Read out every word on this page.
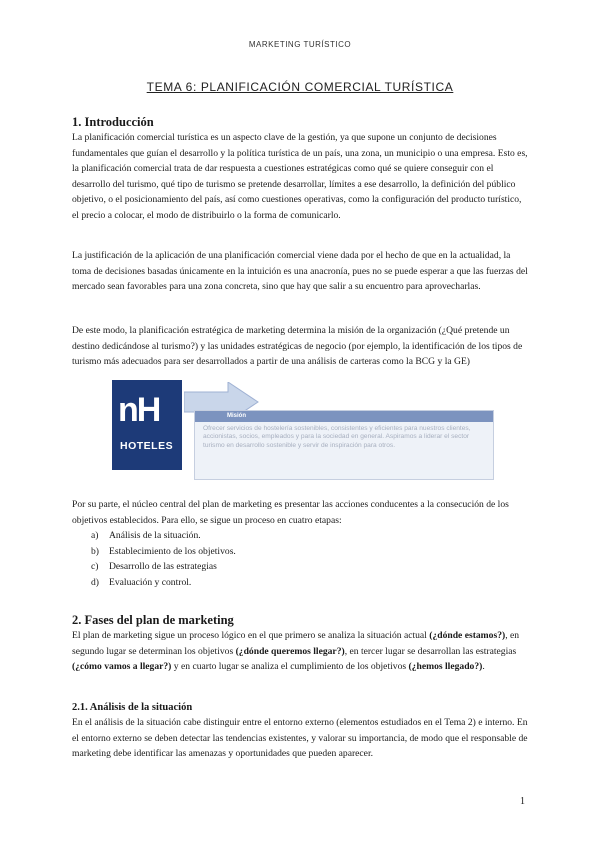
MARKETING TURÍSTICO
TEMA 6: PLANIFICACIÓN COMERCIAL TURÍSTICA
1. Introducción

La planificación comercial turística es un aspecto clave de la gestión, ya que supone un conjunto de decisiones fundamentales que guían el desarrollo y la política turística de un país, una zona, un municipio o una empresa. Esto es, la planificación comercial trata de dar respuesta a cuestiones estratégicas como qué se quiere conseguir con el desarrollo del turismo, qué tipo de turismo se pretende desarrollar, límites a ese desarrollo, la definición del público objetivo, o el posicionamiento del país, así como cuestiones operativas, como la configuración del producto turístico, el precio a colocar, el modo de distribuirlo o la forma de comunicarlo.

La justificación de la aplicación de una planificación comercial viene dada por el hecho de que en la actualidad, la toma de decisiones basadas únicamente en la intuición es una anacronía, pues no se puede esperar a que las fuerzas del mercado sean favorables para una zona concreta, sino que hay que salir a su encuentro para aprovecharlas.

De este modo, la planificación estratégica de marketing determina la misión de la organización (¿Qué pretende un destino dedicándose al turismo?) y las unidades estratégicas de negocio (por ejemplo, la identificación de los tipos de turismo más adecuados para ser desarrollados a partir de una análisis de carteras como la BCG y la GE)

nH
HOTELES
Misión
Ofrecer servicios de hostelería sostenibles, consistentes y eficientes para nuestros clientes, accionistas, socios, empleados y para la sociedad en general. Aspiramos a liderar el sector turismo en desarrollo sostenible y servir de inspiración para otros.

Por su parte, el núcleo central del plan de marketing es presentar las acciones conducentes a la consecución de los objetivos establecidos. Para ello, se sigue un proceso en cuatro etapas:

a)	Análisis de la situación.
b)	Establecimiento de los objetivos.
c)	Desarrollo de las estrategias
d)	Evaluación y control.
2. Fases del plan de marketing

El plan de marketing sigue un proceso lógico en el que primero se analiza la situación actual (¿dónde estamos?), en segundo lugar se determinan los objetivos (¿dónde queremos llegar?), en tercer lugar se desarrollan las estrategias (¿cómo vamos a llegar?) y en cuarto lugar se analiza el cumplimiento de los objetivos (¿hemos llegado?).

2.1. Análisis de la situación

En el análisis de la situación cabe distinguir entre el entorno externo (elementos estudiados en el Tema 2) e interno. En el entorno externo se deben detectar las tendencias existentes, y valorar su importancia, de modo que el responsable de marketing debe identificar las amenazas y oportunidades que pueden aparecer.

1
